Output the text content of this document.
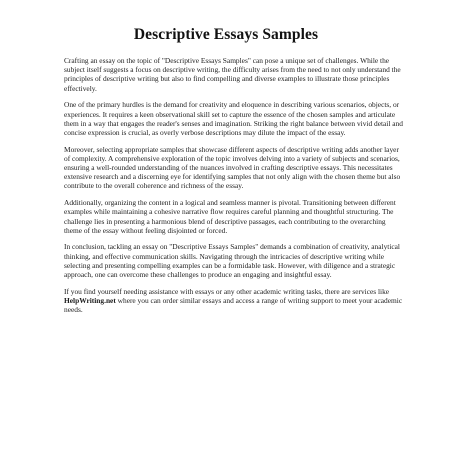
Descriptive Essays Samples

Crafting an essay on the topic of "Descriptive Essays Samples" can pose a unique set of challenges. While the subject itself suggests a focus on descriptive writing, the difficulty arises from the need to not only understand the principles of descriptive writing but also to find compelling and diverse examples to illustrate those principles effectively.

One of the primary hurdles is the demand for creativity and eloquence in describing various scenarios, objects, or experiences. It requires a keen observational skill set to capture the essence of the chosen samples and articulate them in a way that engages the reader's senses and imagination. Striking the right balance between vivid detail and concise expression is crucial, as overly verbose descriptions may dilute the impact of the essay.

Moreover, selecting appropriate samples that showcase different aspects of descriptive writing adds another layer of complexity. A comprehensive exploration of the topic involves delving into a variety of subjects and scenarios, ensuring a well-rounded understanding of the nuances involved in crafting descriptive essays. This necessitates extensive research and a discerning eye for identifying samples that not only align with the chosen theme but also contribute to the overall coherence and richness of the essay.

Additionally, organizing the content in a logical and seamless manner is pivotal. Transitioning between different examples while maintaining a cohesive narrative flow requires careful planning and thoughtful structuring. The challenge lies in presenting a harmonious blend of descriptive passages, each contributing to the overarching theme of the essay without feeling disjointed or forced.

In conclusion, tackling an essay on "Descriptive Essays Samples" demands a combination of creativity, analytical thinking, and effective communication skills. Navigating through the intricacies of descriptive writing while selecting and presenting compelling examples can be a formidable task. However, with diligence and a strategic approach, one can overcome these challenges to produce an engaging and insightful essay.

If you find yourself needing assistance with essays or any other academic writing tasks, there are services like HelpWriting.net where you can order similar essays and access a range of writing support to meet your academic needs.
